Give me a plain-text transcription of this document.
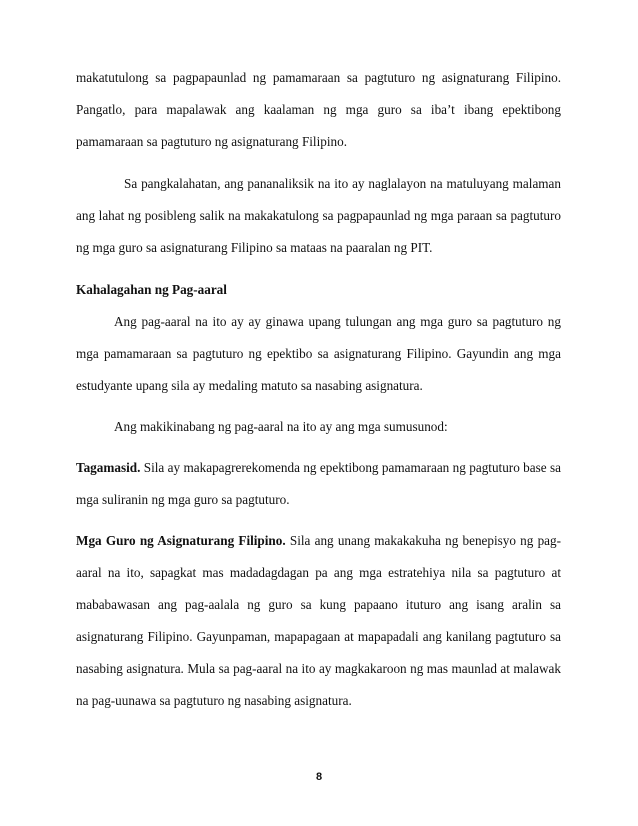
makatutulong sa pagpapaunlad ng pamamaraan sa pagtuturo ng asignaturang Filipino. Pangatlo, para mapalawak ang kaalaman ng mga guro sa iba’t ibang epektibong pamamaraan sa pagtuturo ng asignaturang Filipino.

Sa pangkalahatan, ang pananaliksik na ito ay naglalayon na matuluyang malaman ang lahat ng posibleng salik na makakatulong sa pagpapaunlad ng mga paraan sa pagtuturo ng mga guro sa asignaturang Filipino sa mataas na paaralan ng PIT.

Kahalagahan ng Pag-aaral

Ang pag-aaral na ito ay ay ginawa upang tulungan ang mga guro sa pagtuturo ng mga pamamaraan sa pagtuturo ng epektibo sa asignaturang Filipino. Gayundin ang mga estudyante upang sila ay medaling matuto sa nasabing asignatura.

Ang makikinabang ng pag-aaral na ito ay ang mga sumusunod:

Tagamasid. Sila ay makapagrerekomenda ng epektibong pamamaraan ng pagtuturo base sa mga suliranin ng mga guro sa pagtuturo.

Mga Guro ng Asignaturang Filipino. Sila ang unang makakakuha ng benepisyo ng pag-aaral na ito, sapagkat mas madadagdagan pa ang mga estratehiya nila sa pagtuturo at mababawasan ang pag-aalala ng guro sa kung papaano ituturo ang isang aralin sa asignaturang Filipino. Gayunpaman, mapapagaan at mapapadali ang kanilang pagtuturo sa nasabing asignatura. Mula sa pag-aaral na ito ay magkakaroon ng mas maunlad at malawak na pag-uunawa sa pagtuturo ng nasabing asignatura.

8
